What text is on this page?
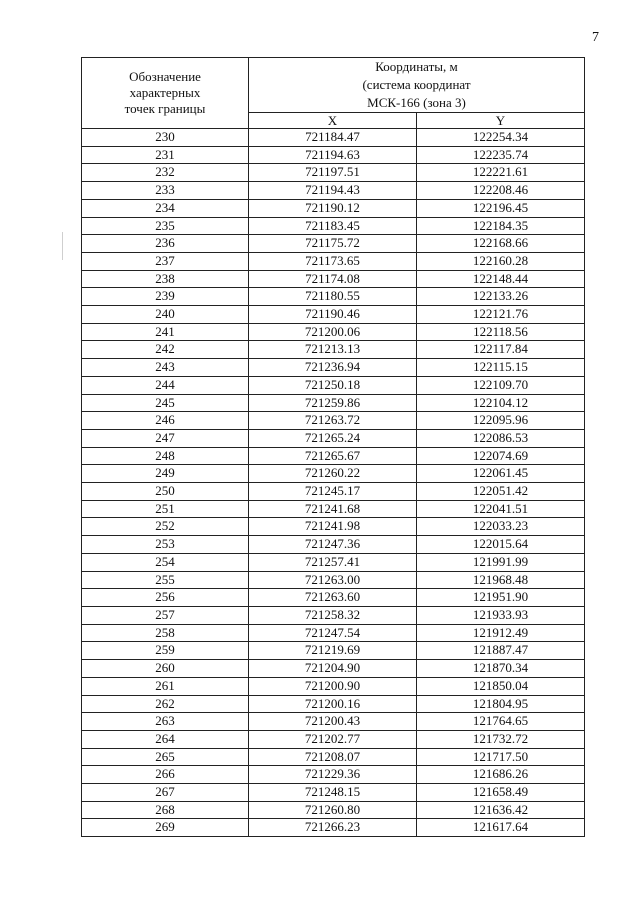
7
Обозначение
характерных
точек границы	Координаты, м
(система координат
МСК-166 (зона 3)	
	X	Y
230	721184.47	122254.34
231	721194.63	122235.74
232	721197.51	122221.61
233	721194.43	122208.46
234	721190.12	122196.45
235	721183.45	122184.35
236	721175.72	122168.66
237	721173.65	122160.28
238	721174.08	122148.44
239	721180.55	122133.26
240	721190.46	122121.76
241	721200.06	122118.56
242	721213.13	122117.84
243	721236.94	122115.15
244	721250.18	122109.70
245	721259.86	122104.12
246	721263.72	122095.96
247	721265.24	122086.53
248	721265.67	122074.69
249	721260.22	122061.45
250	721245.17	122051.42
251	721241.68	122041.51
252	721241.98	122033.23
253	721247.36	122015.64
254	721257.41	121991.99
255	721263.00	121968.48
256	721263.60	121951.90
257	721258.32	121933.93
258	721247.54	121912.49
259	721219.69	121887.47
260	721204.90	121870.34
261	721200.90	121850.04
262	721200.16	121804.95
263	721200.43	121764.65
264	721202.77	121732.72
265	721208.07	121717.50
266	721229.36	121686.26
267	721248.15	121658.49
268	721260.80	121636.42
269	721266.23	121617.64
